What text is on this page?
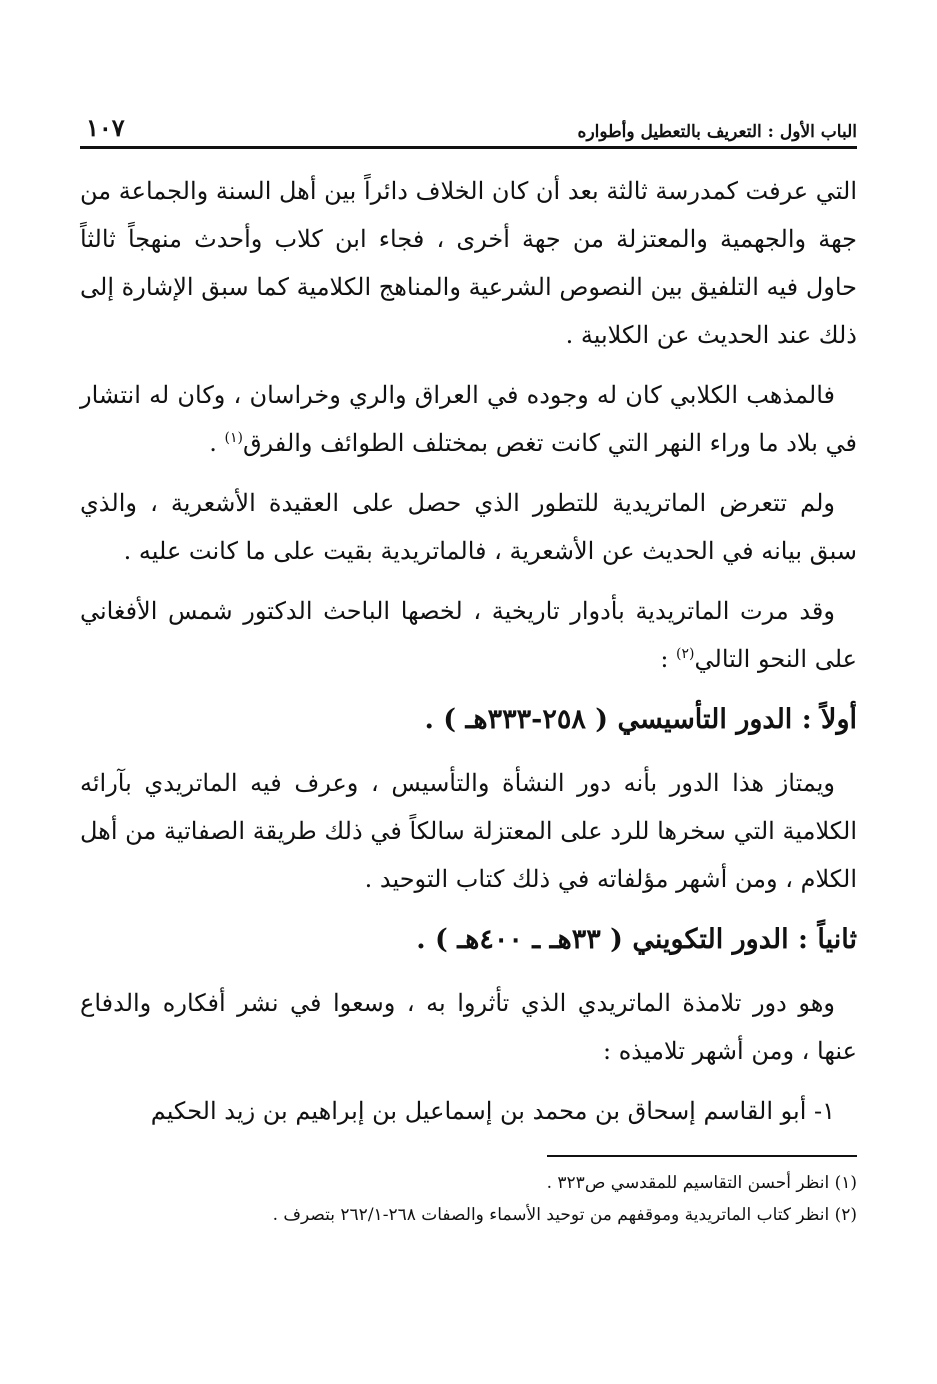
الباب الأول : التعريف بالتعطيل وأطواره
١٠٧

التي عرفت كمدرسة ثالثة بعد أن كان الخلاف دائراً بين أهل السنة والجماعة من جهة والجهمية والمعتزلة من جهة أخرى ، فجاء ابن كلاب وأحدث منهجاً ثالثاً حاول فيه التلفيق بين النصوص الشرعية والمناهج الكلامية كما سبق الإشارة إلى ذلك عند الحديث عن الكلابية .

فالمذهب الكلابي كان له وجوده في العراق والري وخراسان ، وكان له انتشار في بلاد ما وراء النهر التي كانت تغص بمختلف الطوائف والفرق$^{(١)}$ .

ولم تتعرض الماتريدية للتطور الذي حصل على العقيدة الأشعرية ، والذي سبق بيانه في الحديث عن الأشعرية ، فالماتريدية بقيت على ما كانت عليه .

وقد مرت الماتريدية بأدوار تاريخية ، لخصها الباحث الدكتور شمس الأفغاني على النحو التالي$^{(٢)}$ :

أولاً : الدور التأسيسي ( ٢٥٨-٣٣٣هـ ) .

ويمتاز هذا الدور بأنه دور النشأة والتأسيس ، وعرف فيه الماتريدي بآرائه الكلامية التي سخرها للرد على المعتزلة سالكاً في ذلك طريقة الصفاتية من أهل الكلام ، ومن أشهر مؤلفاته في ذلك كتاب التوحيد .

ثانياً : الدور التكويني ( ٣٣هـ ـ ٤٠٠هـ ) .

وهو دور تلامذة الماتريدي الذي تأثروا به ، وسعوا في نشر أفكاره والدفاع عنها ، ومن أشهر تلاميذه :

١- أبو القاسم إسحاق بن محمد بن إسماعيل بن إبراهيم بن زيد الحكيم

(١) انظر أحسن التقاسيم للمقدسي ص٣٢٣ .
(٢) انظر كتاب الماتريدية وموقفهم من توحيد الأسماء والصفات ٢٦٨-٢٦٢/١ بتصرف .
